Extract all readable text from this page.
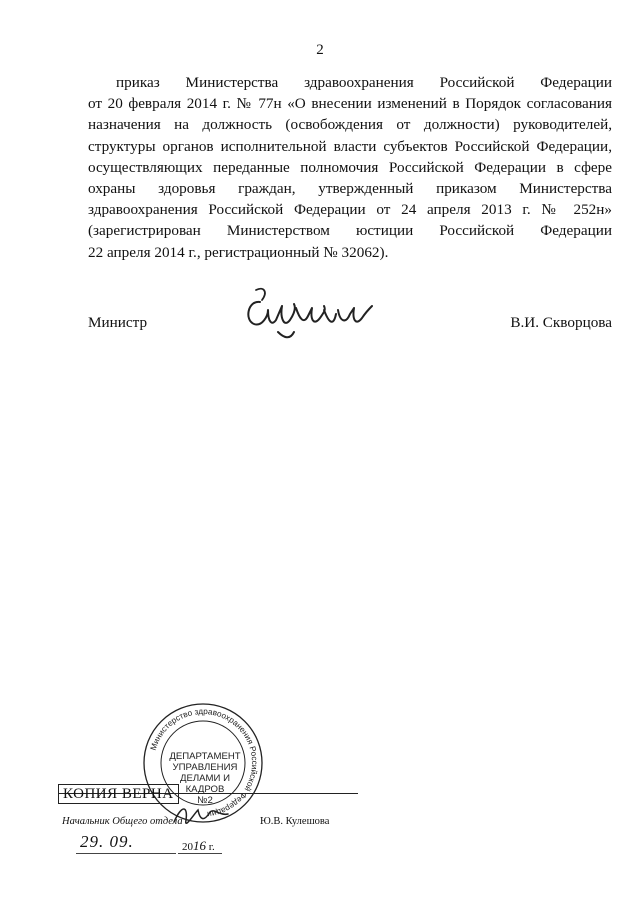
2
приказ Министерства здравоохранения Российской Федерации
от 20 февраля 2014 г. № 77н «О внесении изменений в Порядок согласования
назначения на должность (освобождения от должности) руководителей,
структуры органов исполнительной власти субъектов Российской Федерации,
осуществляющих переданные полномочия Российской Федерации в сфере
охраны здоровья граждан, утвержденный приказом Министерства
здравоохранения Российской Федерации от 24 апреля 2013 г. № 252н»
(зарегистрирован Министерством юстиции Российской Федерации
22 апреля 2014 г., регистрационный № 32062).
Министр	В.И. Скворцова
Министерство здравоохранения Российской Федерации
ДЕПАРТАМЕНТ
УПРАВЛЕНИЯ
ДЕЛАМИ И КАДРОВ
№2
КОПИЯ ВЕРНА
Начальник Общего отдела	Ю.В. Кулешова
29. 09.	2016 г.
